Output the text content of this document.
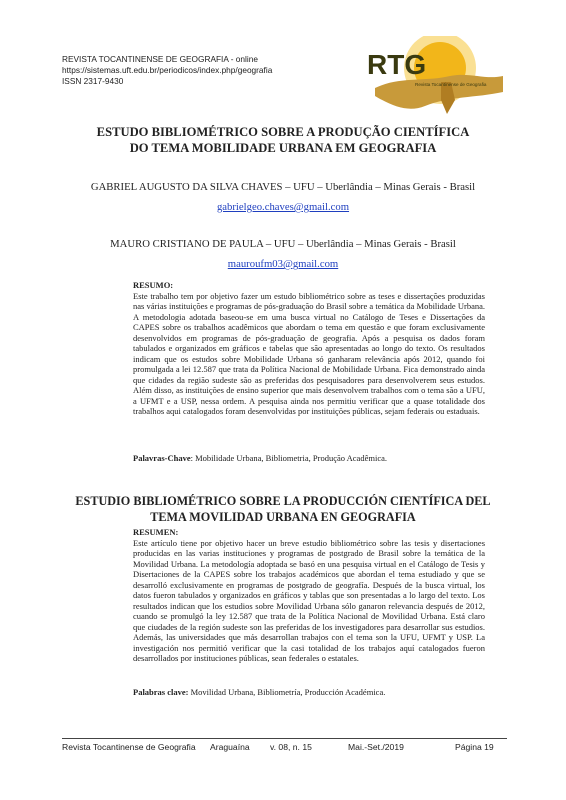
REVISTA TOCANTINENSE DE GEOGRAFIA - online
https://sistemas.uft.edu.br/periodicos/index.php/geografia
ISSN 2317-9430
RTG
Revista Tocantinense de Geografia
ESTUDO BIBLIOMÉTRICO SOBRE A PRODUÇÃO CIENTÍFICA
DO TEMA MOBILIDADE URBANA EM GEOGRAFIA
GABRIEL AUGUSTO DA SILVA CHAVES – UFU – Uberlândia – Minas Gerais - Brasil
gabrielgeo.chaves@gmail.com
MAURO CRISTIANO DE PAULA – UFU – Uberlândia – Minas Gerais - Brasil
mauroufm03@gmail.com
RESUMO:
Este trabalho tem por objetivo fazer um estudo bibliométrico sobre as teses e dissertações produzidas nas várias instituições e programas de pós-graduação do Brasil sobre a temática da Mobilidade Urbana. A metodologia adotada baseou-se em uma busca virtual no Catálogo de Teses e Dissertações da CAPES sobre os trabalhos acadêmicos que abordam o tema em questão e que foram exclusivamente desenvolvidos em programas de pós-graduação de geografia. Após a pesquisa os dados foram tabulados e organizados em gráficos e tabelas que são apresentadas ao longo do texto. Os resultados indicam que os estudos sobre Mobilidade Urbana só ganharam relevância após 2012, quando foi promulgada a lei 12.587 que trata da Política Nacional de Mobilidade Urbana. Fica demonstrado ainda que cidades da região sudeste são as preferidas dos pesquisadores para desenvolverem seus estudos. Além disso, as instituições de ensino superior que mais desenvolvem trabalhos com o tema são a UFU, a UFMT e a USP, nessa ordem. A pesquisa ainda nos permitiu verificar que a quase totalidade dos trabalhos aqui catalogados foram desenvolvidas por instituições públicas, sejam federais ou estaduais.
Palavras-Chave: Mobilidade Urbana, Bibliometria, Produção Acadêmica.
ESTUDIO BIBLIOMÉTRICO SOBRE LA PRODUCCIÓN CIENTÍFICA DEL
TEMA MOVILIDAD URBANA EN GEOGRAFIA
RESUMEN:
Este artículo tiene por objetivo hacer un breve estudio bibliométrico sobre las tesis y disertaciones producidas en las varias instituciones y programas de postgrado de Brasil sobre la temática de la Movilidad Urbana. La metodología adoptada se basó en una pesquisa virtual en el Catálogo de Tesis y Disertaciones de la CAPES sobre los trabajos académicos que abordan el tema estudiado y que se desarrolló exclusivamente en programas de postgrado de geografía. Después de la busca virtual, los datos fueron tabulados y organizados en gráficos y tablas que son presentadas a lo largo del texto. Los resultados indican que los estudios sobre Movilidad Urbana sólo ganaron relevancia después de 2012, cuando se promulgó la ley 12.587 que trata de la Política Nacional de Movilidad Urbana. Está claro que ciudades de la región sudeste son las preferidas de los investigadores para desarrollar sus estudios. Además, las universidades que más desarrollan trabajos con el tema son la UFU, UFMT y USP. La investigación nos permitió verificar que la casi totalidad de los trabajos aquí catalogados fueron desarrollados por instituciones públicas, sean federales o estatales.
Palabras clave: Movilidad Urbana, Bibliometría, Producción Académica.
Revista Tocantinense de Geografia Araguaína v. 08, n. 15	Mai.-Set./2019	Página 19
